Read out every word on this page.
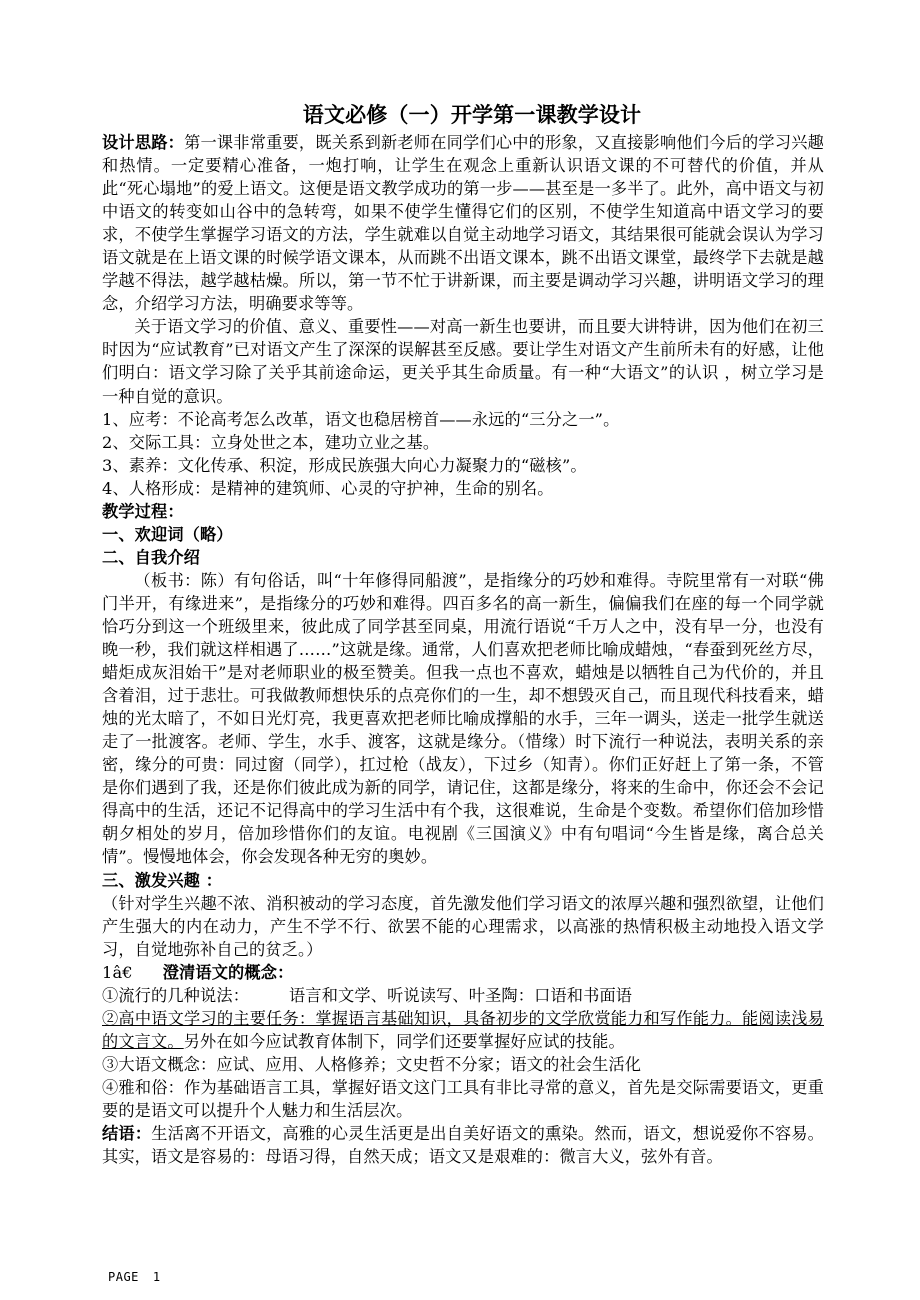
语文必修（一）开学第一课教学设计

设计思路：第一课非常重要，既关系到新老师在同学们心中的形象，又直接影响他们今后的学习兴趣和热情。一定要精心准备，一炮打响，让学生在观念上重新认识语文课的不可替代的价值，并从此“死心塌地”的爱上语文。这便是语文教学成功的第一步——甚至是一多半了。此外，高中语文与初中语文的转变如山谷中的急转弯，如果不使学生懂得它们的区别，不使学生知道高中语文学习的要求，不使学生掌握学习语文的方法，学生就难以自觉主动地学习语文，其结果很可能就会误认为学习语文就是在上语文课的时候学语文课本，从而跳不出语文课本，跳不出语文课堂，最终学下去就是越学越不得法，越学越枯燥。所以，第一节不忙于讲新课，而主要是调动学习兴趣，讲明语文学习的理念，介绍学习方法，明确要求等等。

关于语文学习的价值、意义、重要性——对高一新生也要讲，而且要大讲特讲，因为他们在初三时因为“应试教育”已对语文产生了深深的误解甚至反感。要让学生对语文产生前所未有的好感，让他们明白：语文学习除了关乎其前途命运，更关乎其生命质量。有一种“大语文”的认识 ，树立学习是一种自觉的意识。

1、应考：不论高考怎么改革，语文也稳居榜首——永远的“三分之一”。

2、交际工具：立身处世之本，建功立业之基。

3、素养：文化传承、积淀，形成民族强大向心力凝聚力的“磁核”。

4、人格形成：是精神的建筑师、心灵的守护神，生命的别名。

教学过程：

一、欢迎词（略）

二、自我介绍

（板书：陈）有句俗话，叫“十年修得同船渡”，是指缘分的巧妙和难得。寺院里常有一对联“佛门半开，有缘进来”，是指缘分的巧妙和难得。四百多名的高一新生，偏偏我们在座的每一个同学就恰巧分到这一个班级里来，彼此成了同学甚至同桌，用流行语说“千万人之中，没有早一分，也没有晚一秒，我们就这样相遇了……”这就是缘。通常，人们喜欢把老师比喻成蜡烛，“春蚕到死丝方尽，蜡炬成灰泪始干”是对老师职业的极至赞美。但我一点也不喜欢，蜡烛是以牺牲自己为代价的，并且含着泪，过于悲壮。可我做教师想快乐的点亮你们的一生，却不想毁灭自己，而且现代科技看来，蜡烛的光太暗了，不如日光灯亮，我更喜欢把老师比喻成撑船的水手，三年一调头，送走一批学生就送走了一批渡客。老师、学生，水手、渡客，这就是缘分。（惜缘）时下流行一种说法，表明关系的亲密，缘分的可贵：同过窗（同学），扛过枪（战友），下过乡（知青）。你们正好赶上了第一条，不管是你们遇到了我，还是你们彼此成为新的同学，请记住，这都是缘分，将来的生命中，你还会不会记得高中的生活，还记不记得高中的学习生活中有个我，这很难说，生命是个变数。希望你们倍加珍惜朝夕相处的岁月，倍加珍惜你们的友谊。电视剧《三国演义》中有句唱词“今生皆是缘，离合总关情”。慢慢地体会，你会发现各种无穷的奥妙。

三、激发兴趣 ：

（针对学生兴趣不浓、消积被动的学习态度，首先激发他们学习语文的浓厚兴趣和强烈欲望，让他们产生强大的内在动力，产生不学不行、欲罢不能的心理需求，以高涨的热情积极主动地投入语文学习，自觉地弥补自己的贫乏。）

1â€ 澄清语文的概念：

①流行的几种说法： 语言和文学、听说读写、叶圣陶：口语和书面语

②高中语文学习的主要任务：掌握语言基础知识，具备初步的文学欣赏能力和写作能力。能阅读浅易的文言文。另外在如今应试教育体制下，同学们还要掌握好应试的技能。

③大语文概念：应试、应用、人格修养；文史哲不分家；语文的社会生活化

④雅和俗：作为基础语言工具，掌握好语文这门工具有非比寻常的意义，首先是交际需要语文，更重要的是语文可以提升个人魅力和生活层次。

结语：生活离不开语文，高雅的心灵生活更是出自美好语文的熏染。然而，语文，想说爱你不容易。其实，语文是容易的：母语习得，自然天成；语文又是艰难的：微言大义，弦外有音。

PAGE 1
